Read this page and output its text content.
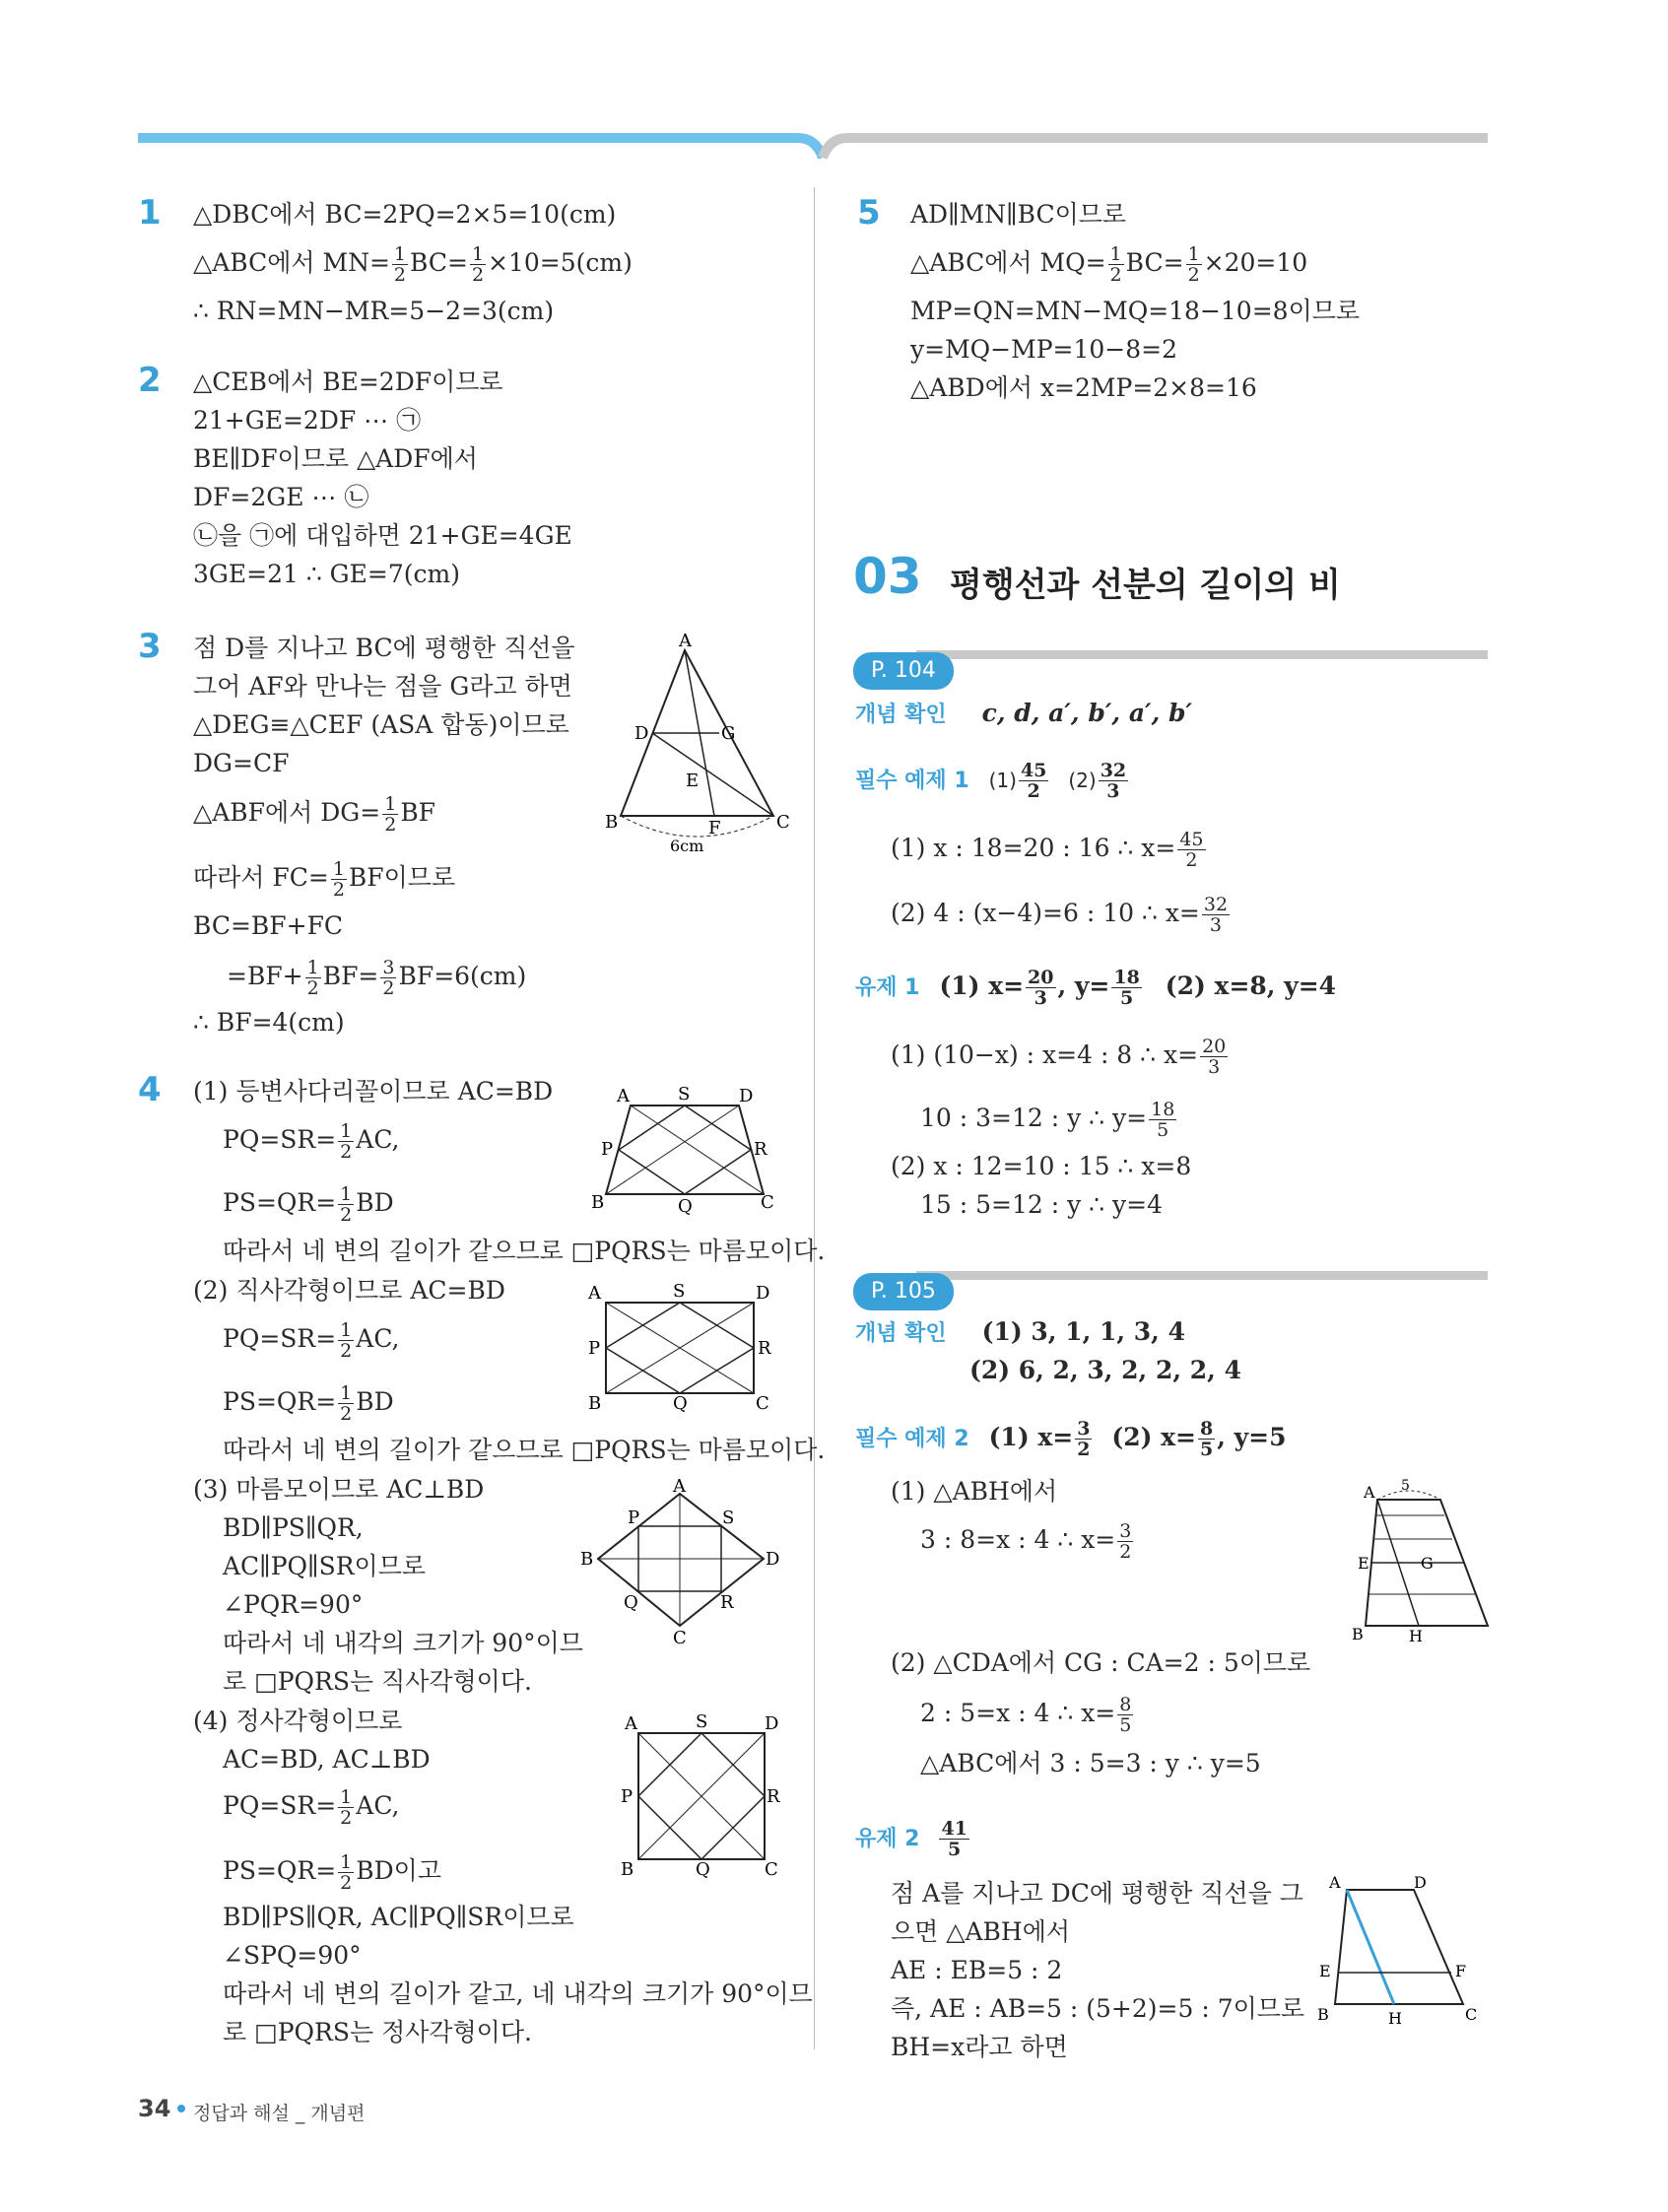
1 △DBC에서 BC=2PQ=2×5=10(cm)
△ABC에서 $MN= \frac{1}{2} BC= \frac{1}{2} \times 10=5(cm)$
∴ RN=MN−MR=5−2=3(cm)
2 △CEB에서 BE=2DF이므로
21+GE=2DF ⋯ ㉠
BE∥DF이므로 △ADF에서
DF=2GE ⋯ ㉡
㉡을 ㉠에 대입하면 21+GE=4GE
3GE=21 ∴ GE=7(cm)
3 점 D를 지나고 BC에 평행한 직선을
그어 AF와 만나는 점을 G라고 하면
△DEG≡△CEF (ASA 합동)이므로
DG=CF
△ABF에서 $DG= \frac{1}{2}$ BF
따라서 $FC= \frac{1}{2}$ BF이므로
BC=BF+FC
$=BF+ \frac{1}{2} BF= \frac{3}{2} BF=6(cm)$
∴ BF=4(cm)
A
B	C
D
E
F
G
6cm
4 (1) 등변사다리꼴이므로 AC=BD
$PQ=SR= \frac{1}{2}$ AC,
$PS=QR= \frac{1}{2}$ BD
따라서 네 변의 길이가 같으므로 □PQRS는 마름모이다.
(2) 직사각형이므로 AC=BD
$PQ=SR= \frac{1}{2}$ AC,
$PS=QR= \frac{1}{2}$ BD
따라서 네 변의 길이가 같으므로 □PQRS는 마름모이다.
(3) 마름모이므로 AC⊥BD
BD∥PS∥QR,
AC∥PQ∥SR이므로
∠PQR=90°
따라서 네 내각의 크기가 90°이므
로 □PQRS는 직사각형이다.
(4) 정사각형이므로
AC=BD, AC⊥BD
$PQ=SR= \frac{1}{2}$ AC,
$PS=QR= \frac{1}{2}$ BD이고
BD∥PS∥QR, AC∥PQ∥SR이므로
∠SPQ=90°
따라서 네 변의 길이가 같고, 네 내각의 크기가 90°이므
로 □PQRS는 정사각형이다.
A	S	D
P	R
B	Q	C
A	S	D
P	R
B	Q	C
A
P	S
B	D
Q	R
C
A	S	D
P	R
B	Q	C
5 AD∥MN∥BC이므로
△ABC에서 $MQ= \frac{1}{2} BC= \frac{1}{2} \times 20=10$
MP=QN=MN−MQ=18−10=8이므로
y=MQ−MP=10−8=2
△ABD에서 x=2MP=2×8=16
03 평행선과 선분의 길이의 비
P. 104
개념 확인 c, d, a′, b′, a′, b′
필수 예제 1 $(1) \frac{45}{2} (2) \frac{32}{3}$
(1) x : 18=20 : 16 ∴ $x= \frac{45}{2}$
(2) 4 : (x−4)=6 : 10 ∴ $x= \frac{32}{3}$
유제 1 (1) $x= \frac{20}{3}$ , $y= \frac{18}{5} (2)$ x=8, y=4
(1) (10−x) : x=4 : 8 ∴ $x= \frac{20}{3}$
10 : 3=12 : y ∴ $y= \frac{18}{5}$
(2) x : 12=10 : 15 ∴ x=8
15 : 5=12 : y ∴ y=4
P. 105
개념 확인 (1) 3, 1, 1, 3, 4
(2) 6, 2, 3, 2, 2, 2, 4
필수 예제 2 (1) $x= \frac{3}{2} (2)$ $x= \frac{8}{5}$ , y=5
(1) △ABH에서
3 : 8=x : 4 ∴ $x= \frac{3}{2}$
(2) △CDA에서 CG : CA=2 : 5이므로
2 : 5=x : 4 ∴ $x= \frac{8}{5}$
△ABC에서 3 : 5=3 : y ∴ y=5
A 5
E	G
B	H
유제 $2 \frac{41}{5}$
점 A를 지나고 DC에 평행한 직선을 그
으면 △ABH에서
AE : EB=5 : 2
즉, AE : AB=5 : (5+2)=5 : 7이므로
BH=x라고 하면
A	D
E	F
B	H	C
34 정답과 해설 _ 개념편
